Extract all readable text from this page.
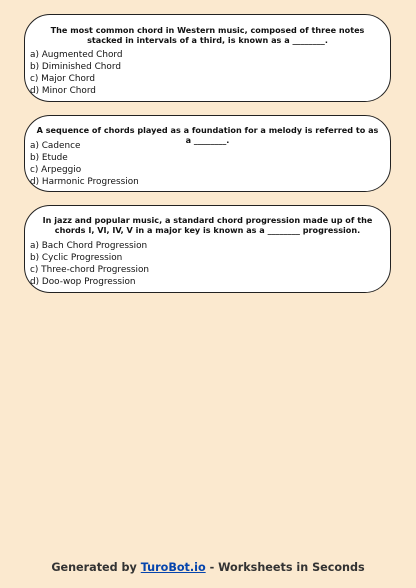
The most common chord in Western music, composed of three notes stacked in intervals of a third, is known as a ________.
a) Augmented Chord
b) Diminished Chord
c) Major Chord
d) Minor Chord
A sequence of chords played as a foundation for a melody is referred to as a ________.
a) Cadence
b) Etude
c) Arpeggio
d) Harmonic Progression
In jazz and popular music, a standard chord progression made up of the chords I, VI, IV, V in a major key is known as a ________ progression.
a) Bach Chord Progression
b) Cyclic Progression
c) Three-chord Progression
d) Doo-wop Progression
Generated by TuroBot.io - Worksheets in Seconds
